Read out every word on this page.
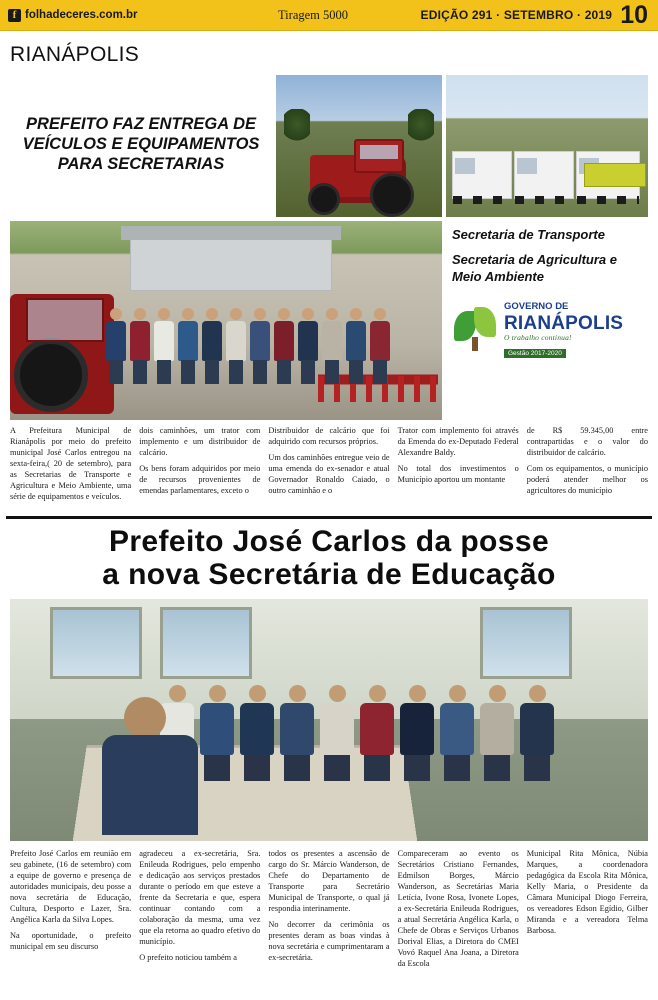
f folhadeceres.com.br	Tiragem 5000	EDIÇÃO 291 · SETEMBRO · 2019 10
RIANÁPOLIS

PREFEITO FAZ ENTREGA DE VEÍCULOS E EQUIPAMENTOS PARA SECRETARIAS

Secretaria de Transporte
Secretaria de Agricultura e Meio Ambiente
GOVERNO DE
RIANÁPOLIS
O trabalho continua!
Gestão 2017-2020

A Prefeitura Municipal de Rianápolis por meio do prefeito municipal José Carlos entregou na sexta-feira,( 20 de setembro), para as Secretarias de Transporte e Agricultura e Meio Ambiente, uma série de equipamentos e veículos.

dois caminhões, um trator com implemento e um distribuidor de calcário.

Os bens foram adquiridos por meio de recursos provenientes de emendas parlamentares, exceto o

Distribuidor de calcário que foi adquirido com recursos próprios.

Um dos caminhões entregue veio de uma emenda do ex-senador e atual Governador Ronaldo Caiado, o outro caminhão e o

Trator com implemento foi através da Emenda do ex-Deputado Federal Alexandre Baldy.

No total dos investimentos o Município aportou um montante

de R$ 59.345,00 entre contrapartidas e o valor do distribuidor de calcário.

Com os equipamentos, o município poderá atender melhor os agricultores do município

Prefeito José Carlos da posse
a nova Secretária de Educação

Prefeito José Carlos em reunião em seu gabinete, (16 de setembro) com a equipe de governo e presença de autoridades municipais, deu posse a nova secretária de Educação, Cultura, Desporto e Lazer, Sra. Angélica Karla da Silva Lopes.

Na oportunidade, o prefeito municipal em seu discurso

agradeceu a ex-secretária, Sra. Enileuda Rodrigues, pelo empenho e dedicação aos serviços prestados durante o período em que esteve a frente da Secretaria e que, espera continuar contando com a colaboração da mesma, uma vez que ela retorna ao quadro efetivo do município.

O prefeito noticiou também a

todos os presentes a ascensão de cargo do Sr. Márcio Wanderson, de Chefe do Departamento de Transporte para Secretário Municipal de Transporte, o qual já respondia interinamente.

No decorrer da cerimônia os presentes deram as boas vindas à nova secretária e cumprimentaram a ex-secretária.

Compareceram ao evento os Secretários Cristiano Fernandes, Edmilson Borges, Márcio Wanderson, as Secretárias Maria Letícia, Ivone Rosa, Ivonete Lopes, a ex-Secretária Enileuda Rodrigues, a atual Secretária Angélica Karla, o Chefe de Obras e Serviços Urbanos Dorival Elias, a Diretora do CMEI Vovó Raquel Ana Joana, a Diretora da Escola

Municipal Rita Mônica, Núbia Marques, a coordenadora pedagógica da Escola Rita Mônica, Kelly Maria, o Presidente da Câmara Municipal Diogo Ferreira, os vereadores Edson Egídio, Gilber Miranda e a vereadora Telma Barbosa.
